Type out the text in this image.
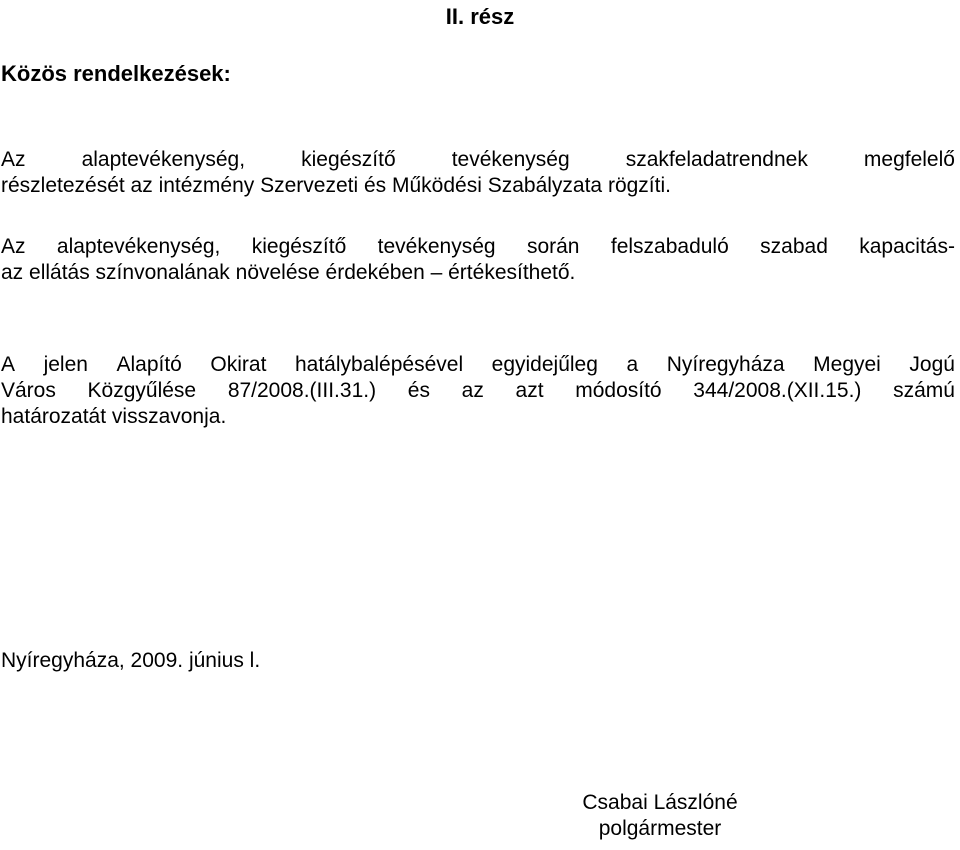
II. rész
Közös rendelkezések:
Az	alaptevékenység,	kiegészítő	tevékenység	szakfeladatrendnek	megfelelő
részletezését az intézmény Szervezeti és Működési Szabályzata rögzíti.
Az alaptevékenység, kiegészítő tevékenység során felszabaduló szabad kapacitás-
az ellátás színvonalának növelése érdekében – értékesíthető.
A jelen Alapító Okirat hatálybalépésével egyidejűleg a Nyíregyháza Megyei Jogú
Város Közgyűlése 87/2008.(III.31.) és az azt módosító 344/2008.(XII.15.) számú
határozatát visszavonja.

Nyíregyháza, 2009. június l.

Csabai Lászlóné
polgármester
